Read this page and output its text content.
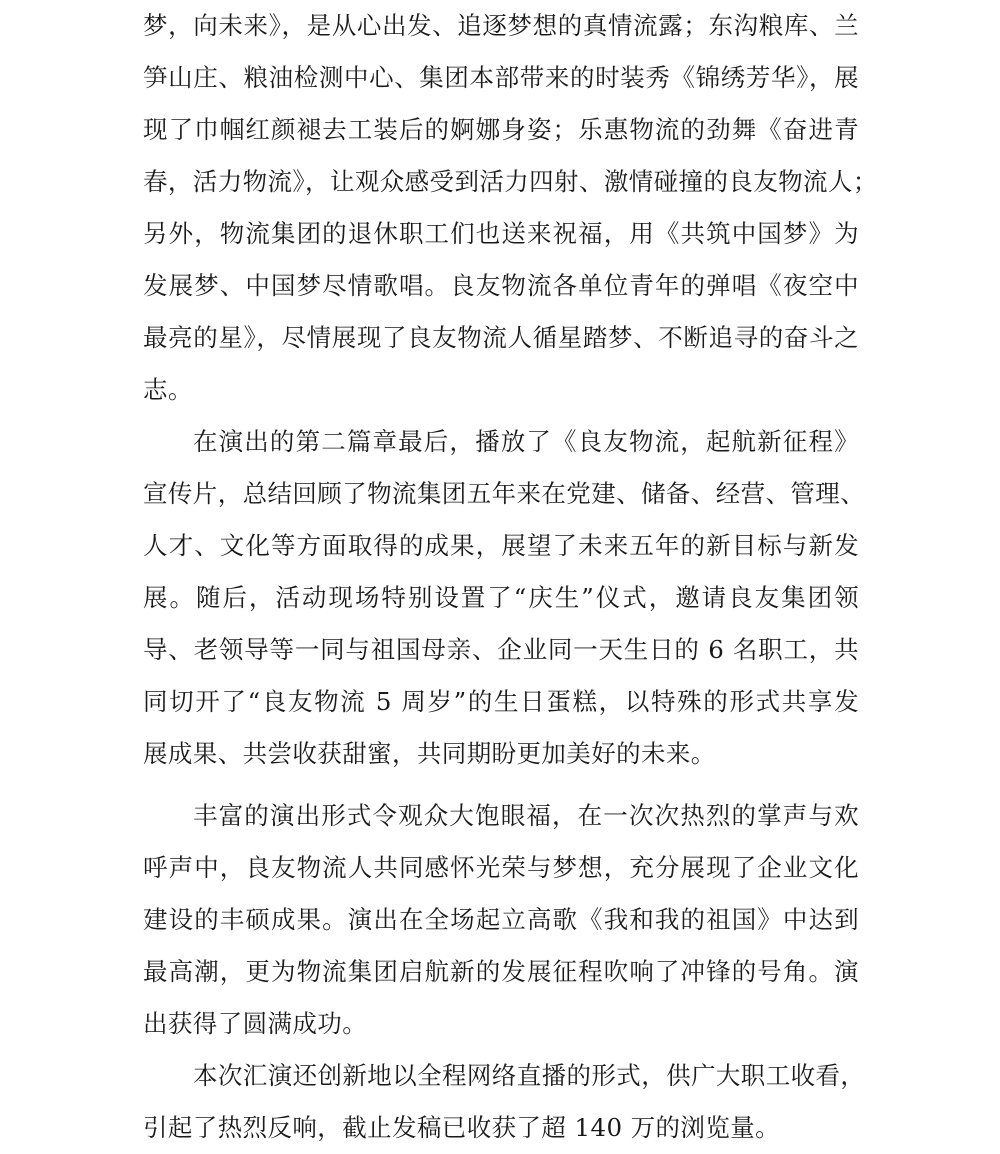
梦，向未来》，是从心出发、追逐梦想的真情流露；东沟粮库、兰
笋山庄、粮油检测中心、集团本部带来的时装秀《锦绣芳华》，展
现了巾帼红颜褪去工装后的婀娜身姿；乐惠物流的劲舞《奋进青
春，活力物流》，让观众感受到活力四射、激情碰撞的良友物流人；
另外，物流集团的退休职工们也送来祝福，用《共筑中国梦》为
发展梦、中国梦尽情歌唱。良友物流各单位青年的弹唱《夜空中
最亮的星》，尽情展现了良友物流人循星踏梦、不断追寻的奋斗之
志。
在演出的第二篇章最后，播放了《良友物流，起航新征程》
宣传片，总结回顾了物流集团五年来在党建、储备、经营、管理、
人才、文化等方面取得的成果，展望了未来五年的新目标与新发
展。随后，活动现场特别设置了“庆生”仪式，邀请良友集团领
导、老领导等一同与祖国母亲、企业同一天生日的 6 名职工，共
同切开了“良友物流 5 周岁”的生日蛋糕，以特殊的形式共享发
展成果、共尝收获甜蜜，共同期盼更加美好的未来。
丰富的演出形式令观众大饱眼福，在一次次热烈的掌声与欢
呼声中，良友物流人共同感怀光荣与梦想，充分展现了企业文化
建设的丰硕成果。演出在全场起立高歌《我和我的祖国》中达到
最高潮，更为物流集团启航新的发展征程吹响了冲锋的号角。演
出获得了圆满成功。
本次汇演还创新地以全程网络直播的形式，供广大职工收看，
引起了热烈反响，截止发稿已收获了超 140 万的浏览量。
